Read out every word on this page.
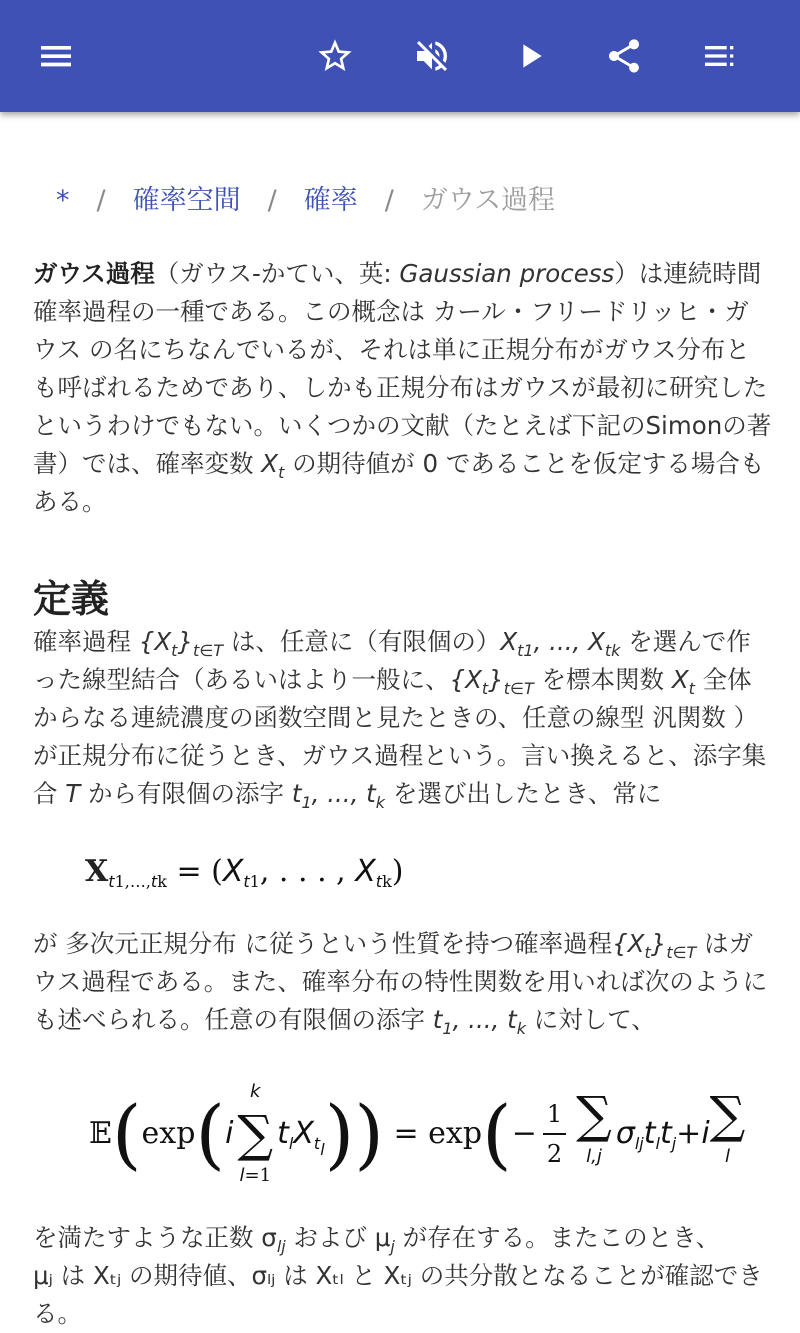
* / 確率空間 / 確率 / ガウス過程

ガウス過程（ガウス-かてい、英: Gaussian process）は連続時間確率過程の一種である。この概念は カール・フリードリッヒ・ガウス の名にちなんでいるが、それは単に正規分布がガウス分布とも呼ばれるためであり、しかも正規分布はガウスが最初に研究したというわけでもない。いくつかの文献（たとえば下記のSimonの著書）では、確率変数 $X_t$ の期待値が 0 であることを仮定する場合もある。

定義

確率過程 $\{X_t\}_{t\in T}$ は、任意に（有限個の）$X_{t1}$, ..., $X_{tk}$ を選んで作った線型結合（あるいはより一般に、$\{X_t\}_{t\in T}$ を標本関数 $X_t$ 全体からなる連続濃度の函数空間と見たときの、任意の線型 汎関数 ）が正規分布に従うとき、ガウス過程という。言い換えると、添字集合 T から有限個の添字 $t_1$, ..., $t_k$ を選び出したとき、常に

$X_{t1,\dots,tk} = (X_{t1}$, . . . , $X_{tk}$)

が 多次元正規分布 に従うという性質を持つ確率過程$\{X_t\}_{t\in T}$ はガウス過程である。また、確率分布の特性関数を用いれば次のようにも述べられる。任意の有限個の添字 $t_1$, ..., $t_k$ に対して、

𝔼 ( exp ( i
k
∑
l=1
$t_lX_{t_l}$ )) = exp ( −
1
2
∑
l,j
$\sigma_{lj}t_lt_j + i$ ∑
l

を満たすような正数 $\sigma_{lj}$ および $\mu_j$ が存在する。またこのとき、

μⱼ は Xₜⱼ の期待値、σₗⱼ は Xₜₗ と Xₜⱼ の共分散となることが確認できる。
